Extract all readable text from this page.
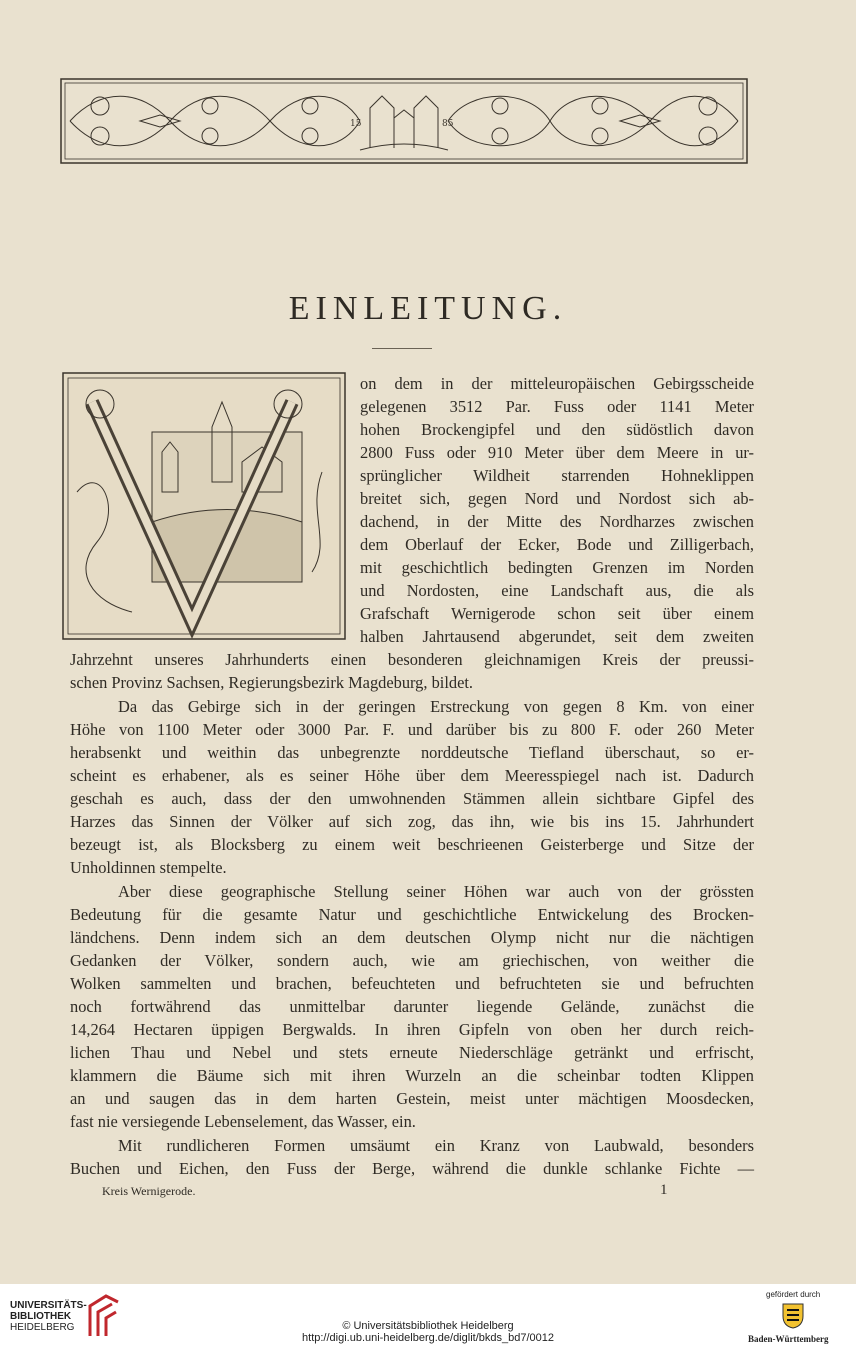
15	85
EINLEITUNG.
on dem in der mitteleuropäischen Gebirgsscheide
gelegenen 3512 Par. Fuss oder 1141 Meter
hohen Brockengipfel und den südöstlich davon
2800 Fuss oder 910 Meter über dem Meere in ur-
sprünglicher Wildheit starrenden Hohneklippen
breitet sich, gegen Nord und Nordost sich ab-
dachend, in der Mitte des Nordharzes zwischen
dem Oberlauf der Ecker, Bode und Zilligerbach,
mit geschichtlich bedingten Grenzen im Norden
und Nordosten, eine Landschaft aus, die als
Grafschaft Wernigerode schon seit über einem
halben Jahrtausend abgerundet, seit dem zweiten
Jahrzehnt unseres Jahrhunderts einen besonderen gleichnamigen Kreis der preussi-
schen Provinz Sachsen, Regierungsbezirk Magdeburg, bildet.
Da das Gebirge sich in der geringen Erstreckung von gegen 8 Km. von einer
Höhe von 1100 Meter oder 3000 Par. F. und darüber bis zu 800 F. oder 260 Meter
herabsenkt und weithin das unbegrenzte norddeutsche Tiefland überschaut, so er-
scheint es erhabener, als es seiner Höhe über dem Meeresspiegel nach ist. Dadurch
geschah es auch, dass der den umwohnenden Stämmen allein sichtbare Gipfel des
Harzes das Sinnen der Völker auf sich zog, das ihn, wie bis ins 15. Jahrhundert
bezeugt ist, als Blocksberg zu einem weit beschrieenen Geisterberge und Sitze der
Unholdinnen stempelte.
Aber diese geographische Stellung seiner Höhen war auch von der grössten
Bedeutung für die gesamte Natur und geschichtliche Entwickelung des Brocken-
ländchens. Denn indem sich an dem deutschen Olymp nicht nur die nächtigen
Gedanken der Völker, sondern auch, wie am griechischen, von weither die
Wolken sammelten und brachen, befeuchteten und befruchteten sie und befruchten
noch fortwährend das unmittelbar darunter liegende Gelände, zunächst die
14,264 Hectaren üppigen Bergwalds. In ihren Gipfeln von oben her durch reich-
lichen Thau und Nebel und stets erneute Niederschläge getränkt und erfrischt,
klammern die Bäume sich mit ihren Wurzeln an die scheinbar todten Klippen
an und saugen das in dem harten Gestein, meist unter mächtigen Moosdecken,
fast nie versiegende Lebenselement, das Wasser, ein.
Mit rundlicheren Formen umsäumt ein Kranz von Laubwald, besonders
Buchen und Eichen, den Fuss der Berge, während die dunkle schlanke Fichte —
Kreis Wernigerode.	1
UNIVERSITÄTS-
BIBLIOTHEK
HEIDELBERG	© Universitätsbibliothek Heidelberg
http://digi.ub.uni-heidelberg.de/diglit/bkds_bd7/0012
gefördert durch
Baden-Württemberg
